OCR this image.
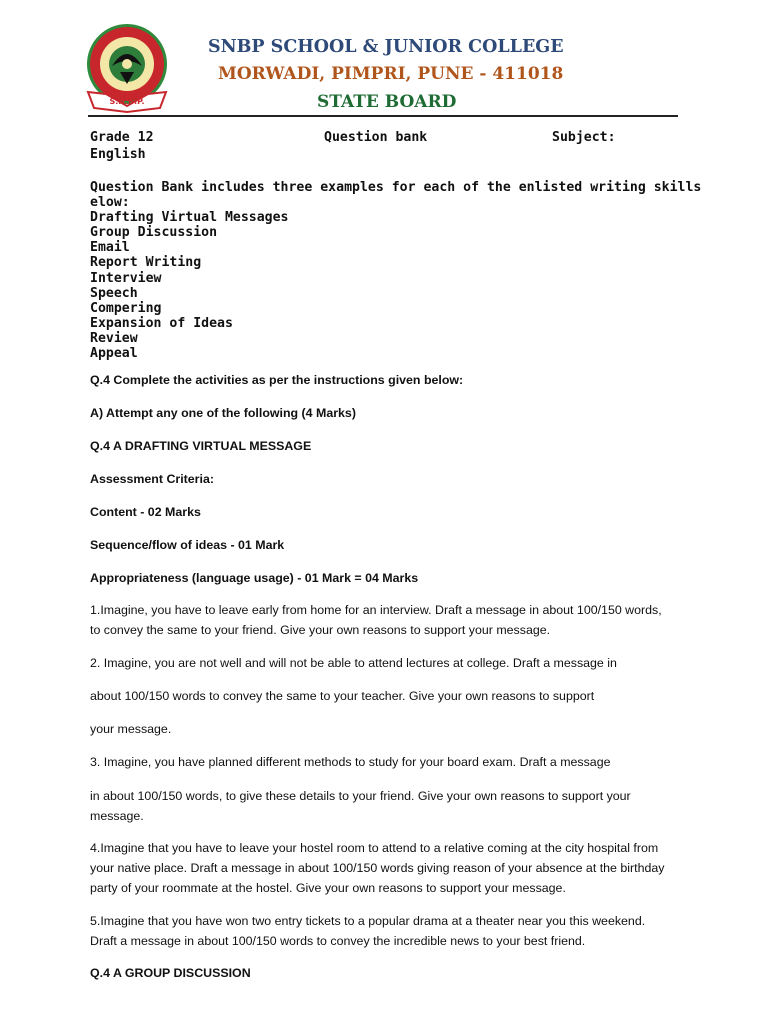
S.N.B.P.
SNBP SCHOOL & JUNIOR COLLEGE
MORWADI, PIMPRI, PUNE - 411018
STATE BOARD
Grade 12	Question bank	Subject:
English
Question Bank includes three examples for each of the enlisted writing skills
elow:
Drafting Virtual Messages
Group Discussion
Email
Report Writing
Interview
Speech
Compering
Expansion of Ideas
Review
Appeal
Q.4 Complete the activities as per the instructions given below:
A) Attempt any one of the following (4 Marks)
Q.4 A DRAFTING VIRTUAL MESSAGE
Assessment Criteria:
Content - 02 Marks
Sequence/flow of ideas - 01 Mark
Appropriateness (language usage) - 01 Mark = 04 Marks
1.Imagine, you have to leave early from home for an interview. Draft a message in about 100/150 words, to convey the same to your friend. Give your own reasons to support your message.
2. Imagine, you are not well and will not be able to attend lectures at college. Draft a message in
about 100/150 words to convey the same to your teacher. Give your own reasons to support
your message.
3. Imagine, you have planned different methods to study for your board exam. Draft a message
in about 100/150 words, to give these details to your friend. Give your own reasons to support your message.
4.Imagine that you have to leave your hostel room to attend to a relative coming at the city hospital from your native place. Draft a message in about 100/150 words giving reason of your absence at the birthday party of your roommate at the hostel. Give your own reasons to support your message.
5.Imagine that you have won two entry tickets to a popular drama at a theater near you this weekend. Draft a message in about 100/150 words to convey the incredible news to your best friend.
Q.4 A GROUP DISCUSSION
